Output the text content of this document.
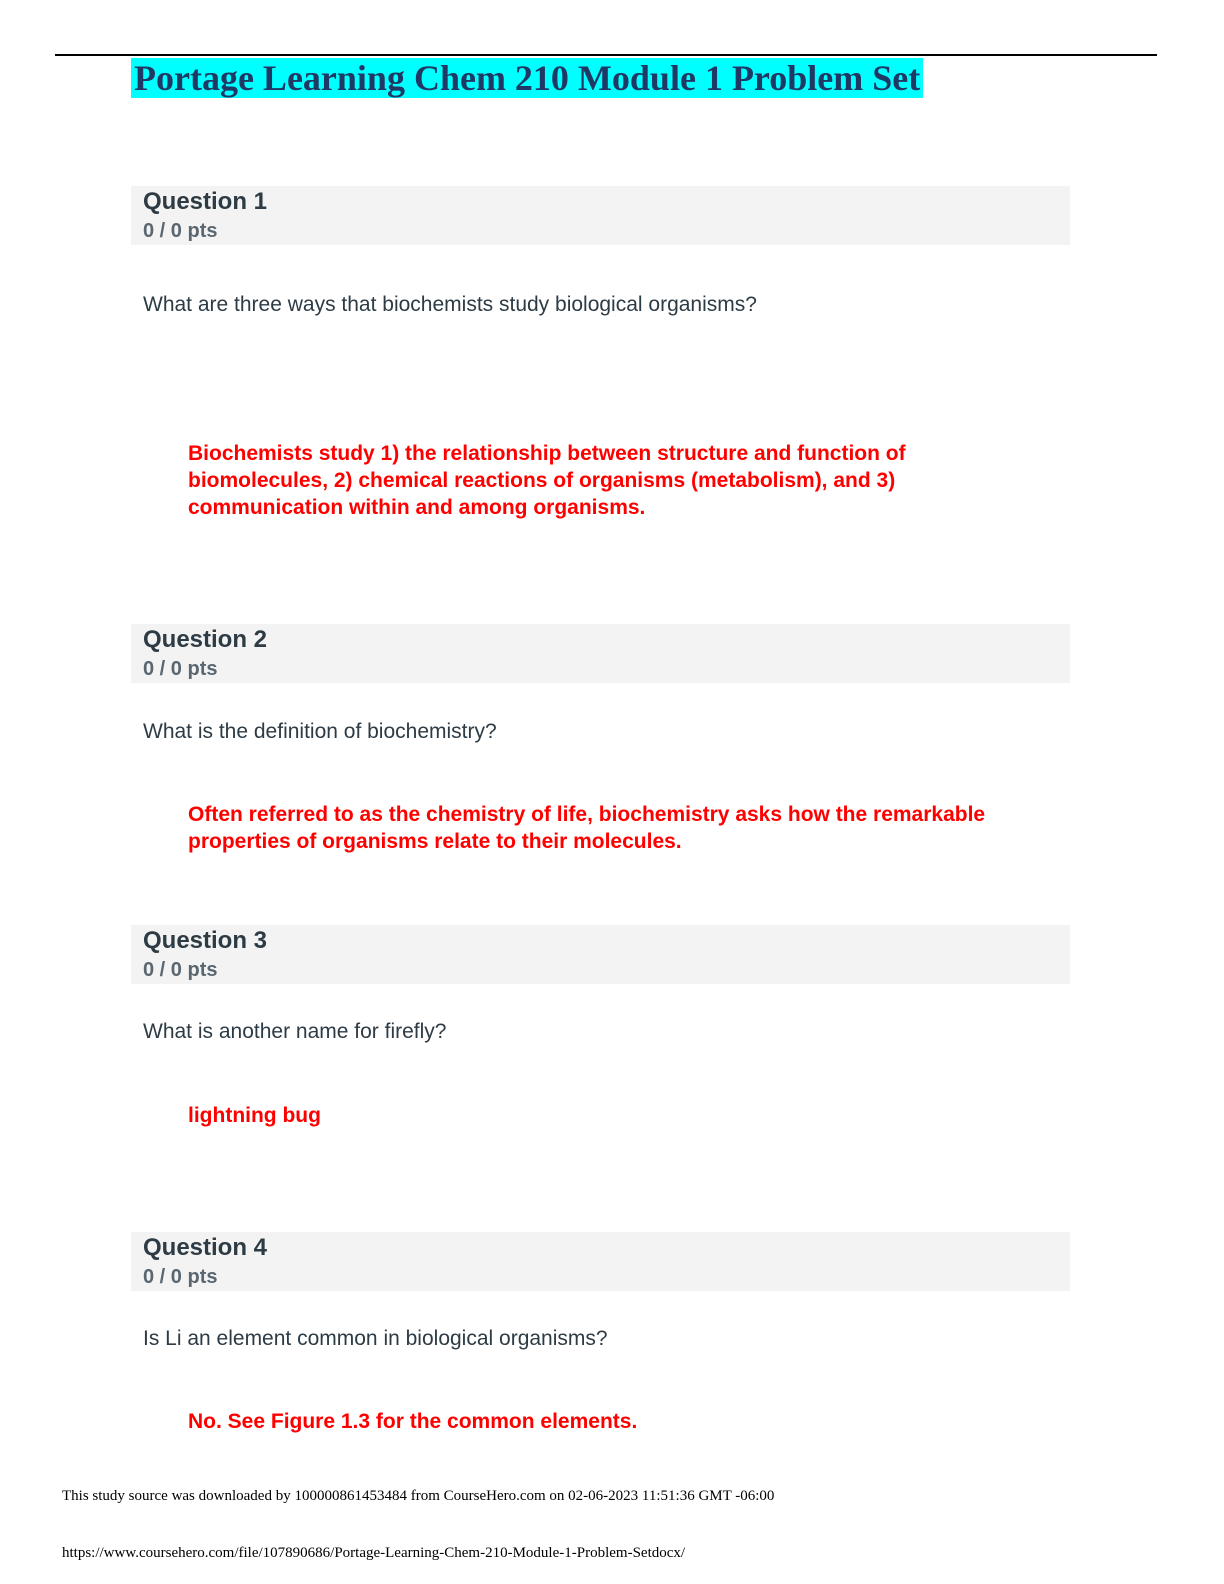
Portage Learning Chem 210 Module 1 Problem Set
Question 1
0 / 0 pts
What are three ways that biochemists study biological organisms?
Biochemists study 1) the relationship between structure and function of biomolecules, 2) chemical reactions of organisms (metabolism), and 3) communication within and among organisms.
Question 2
0 / 0 pts
What is the definition of biochemistry?
Often referred to as the chemistry of life, biochemistry asks how the remarkable properties of organisms relate to their molecules.
Question 3
0 / 0 pts
What is another name for firefly?
lightning bug
Question 4
0 / 0 pts
Is Li an element common in biological organisms?
No. See Figure 1.3 for the common elements.
This study source was downloaded by 100000861453484 from CourseHero.com on 02-06-2023 11:51:36 GMT -06:00
https://www.coursehero.com/file/107890686/Portage-Learning-Chem-210-Module-1-Problem-Setdocx/
